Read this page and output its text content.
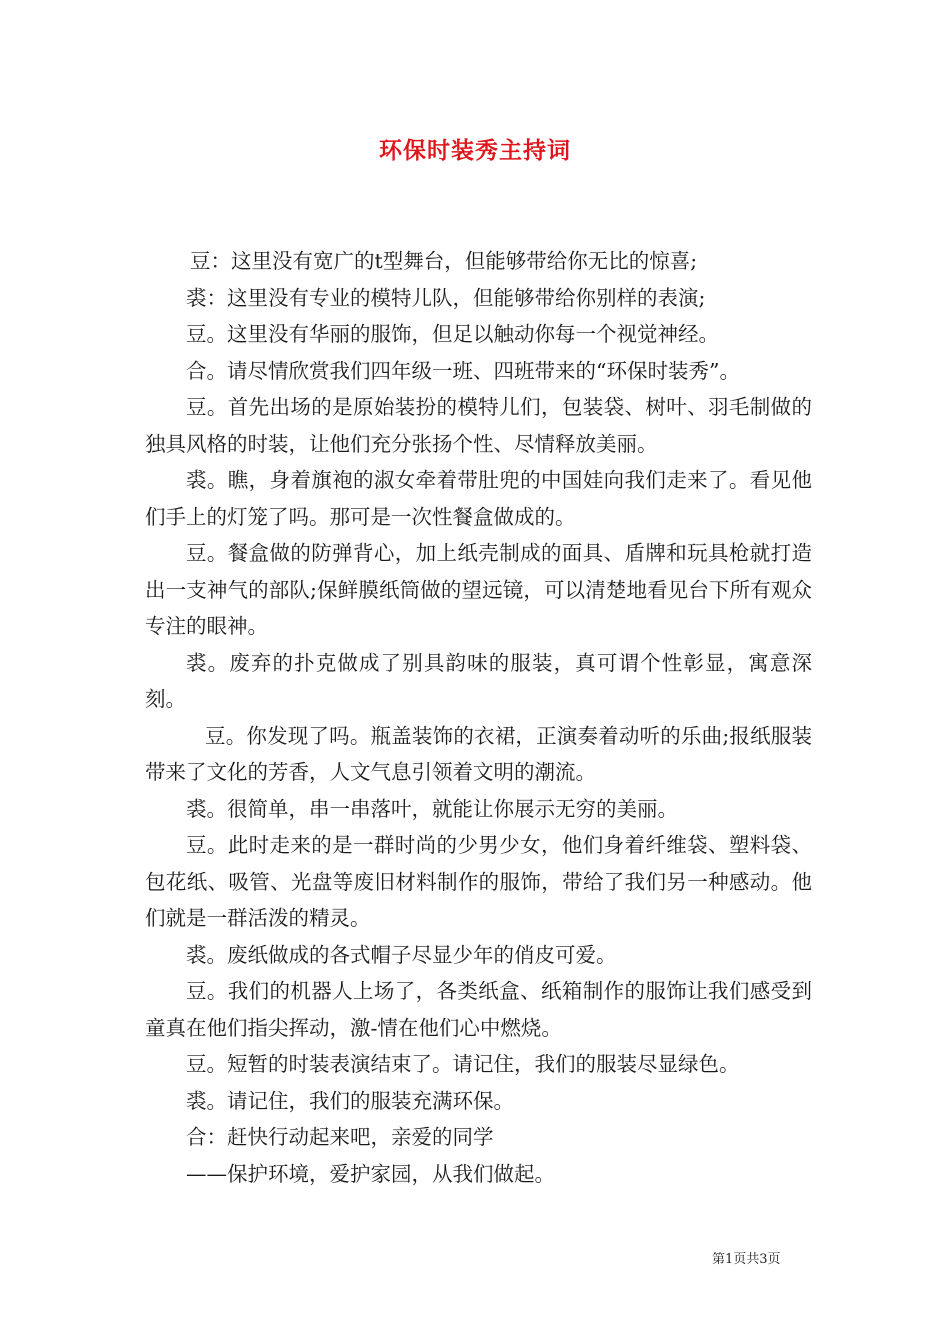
环保时装秀主持词

豆：这里没有宽广的t型舞台，但能够带给你无比的惊喜;

裘：这里没有专业的模特儿队，但能够带给你别样的表演;

豆。这里没有华丽的服饰，但足以触动你每一个视觉神经。

合。请尽情欣赏我们四年级一班、四班带来的“环保时装秀”。

豆。首先出场的是原始装扮的模特儿们，包装袋、树叶、羽毛制做的独具风格的时装，让他们充分张扬个性、尽情释放美丽。

裘。瞧，身着旗袍的淑女牵着带肚兜的中国娃向我们走来了。看见他们手上的灯笼了吗。那可是一次性餐盒做成的。

豆。餐盒做的防弹背心，加上纸壳制成的面具、盾牌和玩具枪就打造出一支神气的部队;保鲜膜纸筒做的望远镜，可以清楚地看见台下所有观众专注的眼神。

裘。废弃的扑克做成了别具韵味的服装，真可谓个性彰显，寓意深刻。

豆。你发现了吗。瓶盖装饰的衣裙，正演奏着动听的乐曲;报纸服装带来了文化的芳香，人文气息引领着文明的潮流。

裘。很简单，串一串落叶，就能让你展示无穷的美丽。

豆。此时走来的是一群时尚的少男少女，他们身着纤维袋、塑料袋、包花纸、吸管、光盘等废旧材料制作的服饰，带给了我们另一种感动。他们就是一群活泼的精灵。

裘。废纸做成的各式帽子尽显少年的俏皮可爱。

豆。我们的机器人上场了，各类纸盒、纸箱制作的服饰让我们感受到童真在他们指尖挥动，激-情在他们心中燃烧。

豆。短暂的时装表演结束了。请记住，我们的服装尽显绿色。

裘。请记住，我们的服装充满环保。

合：赶快行动起来吧，亲爱的同学

——保护环境，爱护家园，从我们做起。

第1页共3页
